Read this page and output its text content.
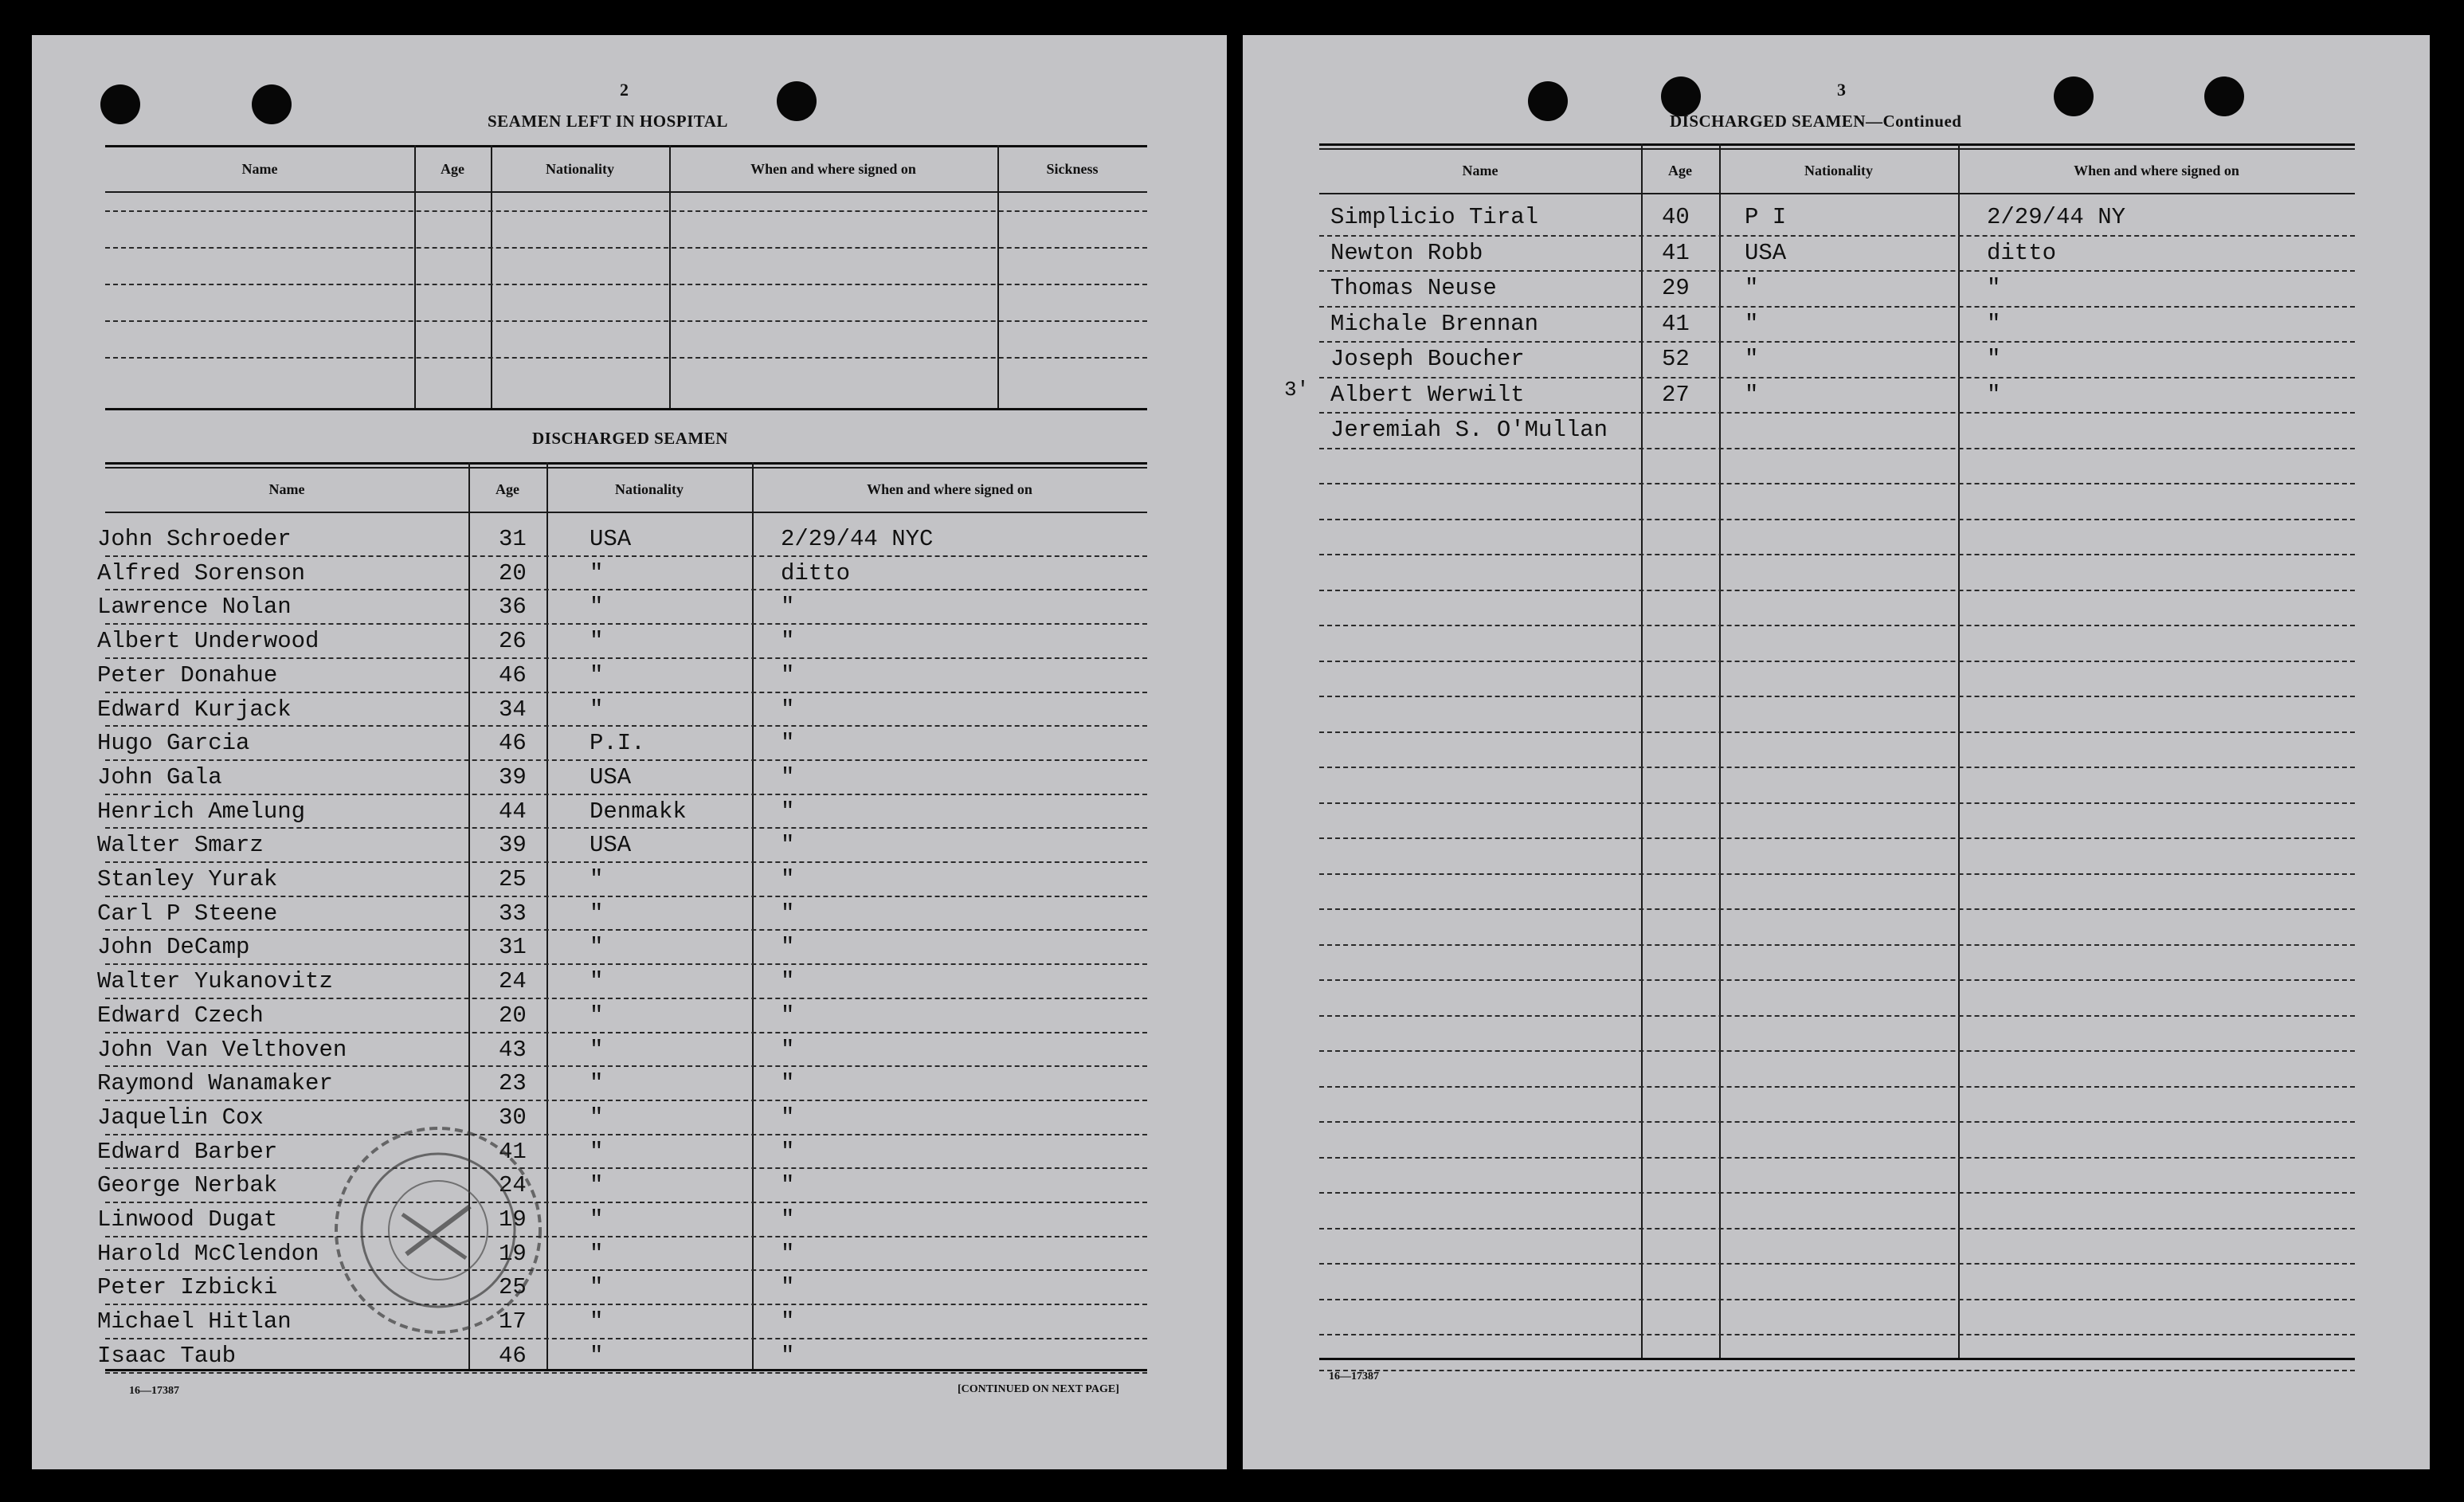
2
SEAMEN LEFT IN HOSPITAL
Name	Age	Nationality	When and where signed on	Sickness
DISCHARGED SEAMEN
Name	Age	Nationality	When and where signed on
John Schroeder	31	USA	2/29/44 NYC
Alfred Sorenson	20	"	ditto
Lawrence Nolan	36	"	"
Albert Underwood	26	"	"
Peter Donahue	46	"	"
Edward Kurjack	34	"	"
Hugo Garcia	46	P.I.	"
John Gala	39	USA	"
Henrich Amelung	44	Denmakk	"
Walter Smarz	39	USA	"
Stanley Yurak	25	"	"
Carl P Steene	33	"	"
John DeCamp	31	"	"
Walter Yukanovitz	24	"	"
Edward Czech	20	"	"
John Van Velthoven	43	"	"
Raymond Wanamaker	23	"	"
Jaquelin Cox	30	"	"
Edward Barber	41	"	"
George Nerbak	24	"	"
Linwood Dugat	19	"	"
Harold McClendon	19	"	"
Peter Izbicki	25	"	"
Michael Hitlan	17	"	"
Isaac Taub	46	"	"
16—17387	[CONTINUED ON NEXT PAGE]
3
DISCHARGED SEAMEN—Continued
Name	Age	Nationality	When and where signed on
Simplicio Tiral	40 P I	2/29/44 NY
Newton Robb	41 USA	ditto
Thomas Neuse	29 "	"
Michale Brennan	41 "	"
Joseph Boucher	52 "	"
Albert Werwilt	27 "	"
Jeremiah S. O'Mullan
3'
16—17387
